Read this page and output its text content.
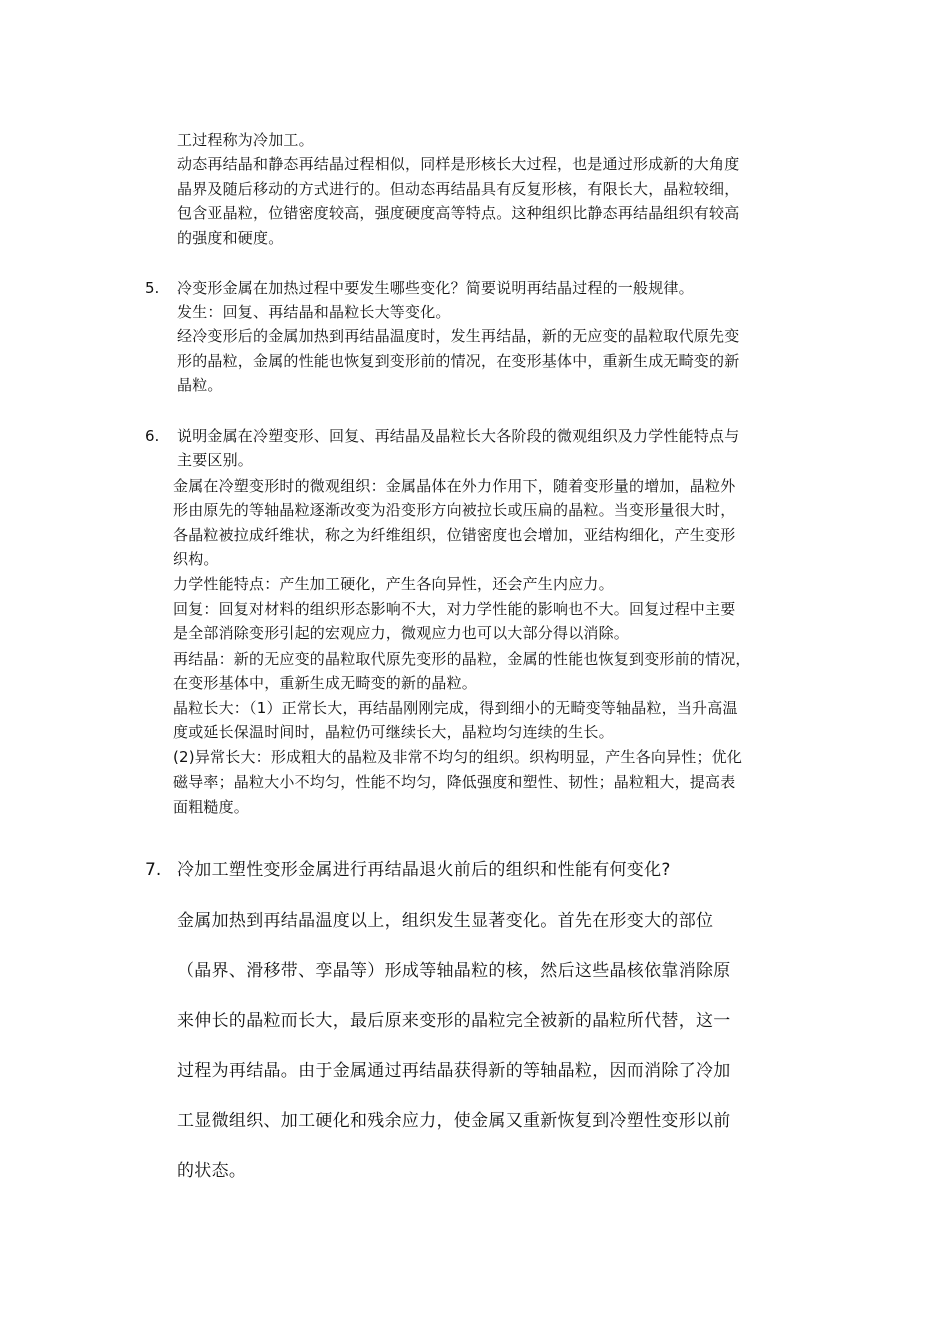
工过程称为冷加工。
动态再结晶和静态再结晶过程相似，同样是形核长大过程，也是通过形成新的大角度
晶界及随后移动的方式进行的。但动态再结晶具有反复形核，有限长大，晶粒较细，
包含亚晶粒，位错密度较高，强度硬度高等特点。这种组织比静态再结晶组织有较高
的强度和硬度。
5. 冷变形金属在加热过程中要发生哪些变化？简要说明再结晶过程的一般规律。
发生：回复、再结晶和晶粒长大等变化。
经冷变形后的金属加热到再结晶温度时，发生再结晶，新的无应变的晶粒取代原先变
形的晶粒，金属的性能也恢复到变形前的情况，在变形基体中，重新生成无畸变的新
晶粒。
6. 说明金属在冷塑变形、回复、再结晶及晶粒长大各阶段的微观组织及力学性能特点与
主要区别。
金属在冷塑变形时的微观组织：金属晶体在外力作用下，随着变形量的增加，晶粒外
形由原先的等轴晶粒逐渐改变为沿变形方向被拉长或压扁的晶粒。当变形量很大时，
各晶粒被拉成纤维状，称之为纤维组织，位错密度也会增加，亚结构细化，产生变形
织构。
力学性能特点：产生加工硬化，产生各向异性，还会产生内应力。
回复：回复对材料的组织形态影响不大，对力学性能的影响也不大。回复过程中主要
是全部消除变形引起的宏观应力，微观应力也可以大部分得以消除。
再结晶：新的无应变的晶粒取代原先变形的晶粒，金属的性能也恢复到变形前的情况，
在变形基体中，重新生成无畸变的新的晶粒。
晶粒长大：（1）正常长大，再结晶刚刚完成，得到细小的无畸变等轴晶粒，当升高温
度或延长保温时间时，晶粒仍可继续长大，晶粒均匀连续的生长。
(2)异常长大：形成粗大的晶粒及非常不均匀的组织。织构明显，产生各向异性；优化
磁导率；晶粒大小不均匀，性能不均匀，降低强度和塑性、韧性；晶粒粗大，提高表
面粗糙度。
7. 冷加工塑性变形金属进行再结晶退火前后的组织和性能有何变化?
金属加热到再结晶温度以上，组织发生显著变化。首先在形变大的部位
（晶界、滑移带、孪晶等）形成等轴晶粒的核，然后这些晶核依靠消除原
来伸长的晶粒而长大，最后原来变形的晶粒完全被新的晶粒所代替，这一
过程为再结晶。由于金属通过再结晶获得新的等轴晶粒，因而消除了冷加
工显微组织、加工硬化和残余应力，使金属又重新恢复到冷塑性变形以前
的状态。
